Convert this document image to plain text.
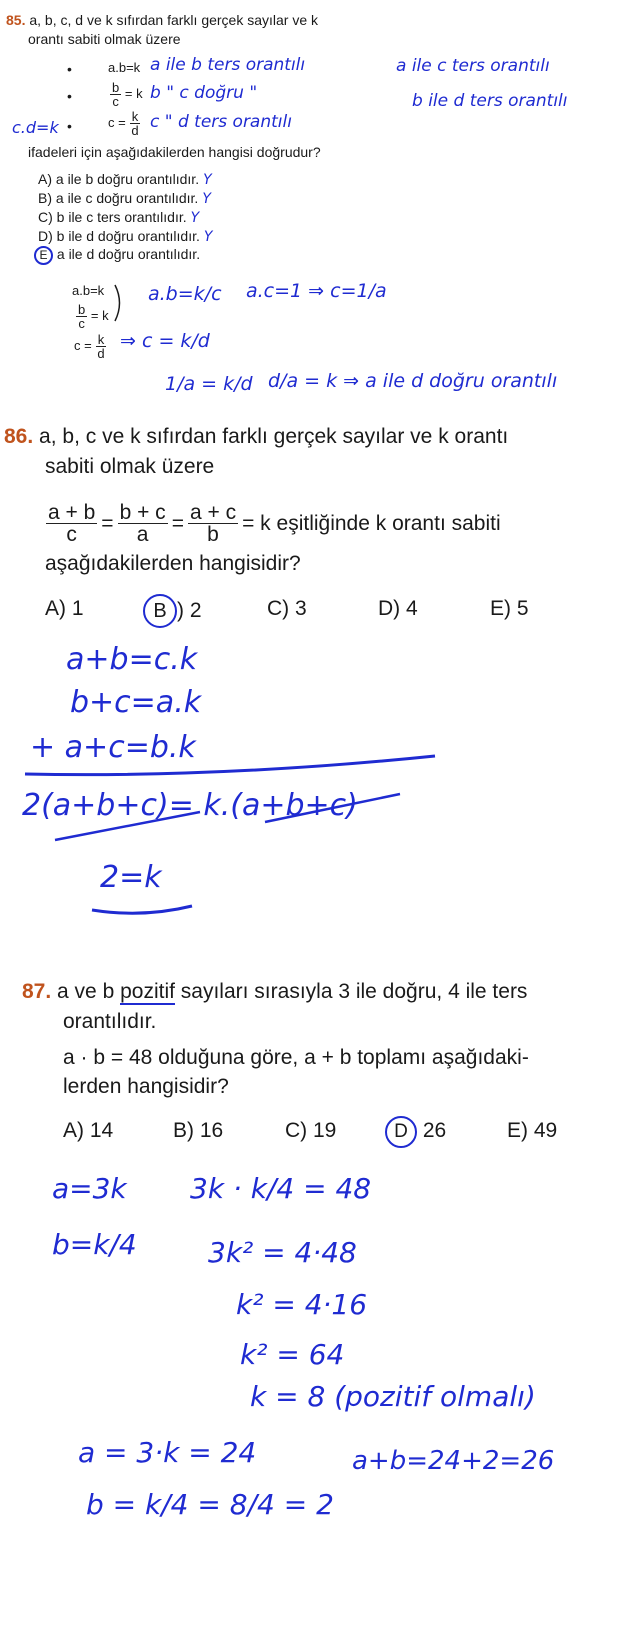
85. a, b, c, d ve k sıfırdan farklı gerçek sayılar ve k
orantı sabiti olmak üzere
•
•
•
a.b=k
$\frac{b}{c} = k$
$c = \frac{k}{d}$
a ile b ters orantılı
b " c doğru "
c " d ters orantılı
a ile c ters orantılı
b ile d ters orantılı
c.d=k
ifadeleri için aşağıdakilerden hangisi doğrudur?
A) a ile b doğru orantılıdır. Y
B) a ile c doğru orantılıdır. Y
C) b ile c ters orantılıdır. Y
D) b ile d doğru orantılıdır. Y
E a ile d doğru orantılıdır.
a.b=k
$\frac{b}{c} = k$
$c = \frac{k}{d}$
a.b=k/c a.c=1 ⇒ c=1/a
⇒ c = k/d
1/a = k/d d/a = k ⇒ a ile d doğru orantılı
86. a, b, c ve k sıfırdan farklı gerçek sayılar ve k orantı
sabiti olmak üzere
$\frac{a + b}{c} = \frac{b + c}{a} = \frac{a + c}{b} = k$ eşitliğinde k orantı sabiti
aşağıdakilerden hangisidir?
A) 1	B ) 2	C) 3	D) 4	E) 5
a+b=c.k
b+c=a.k
+ a+c=b.k
2(a+b+c)= k.(a+b+c)
2=k
87. a ve b pozitif sayıları sırasıyla 3 ile doğru, 4 ile ters
orantılıdır.
a · b = 48 olduğuna göre, a + b toplamı aşağıdaki-
lerden hangisidir?
A) 14	B) 16	C) 19	D 26	E) 49
a=3k
b=k/4
3k · k/4 = 48
3k² = 4·48
k² = 4·16
k² = 64
k = 8 (pozitif olmalı)
a = 3·k = 24
b = k/4 = 8/4 = 2
a+b=24+2=26
